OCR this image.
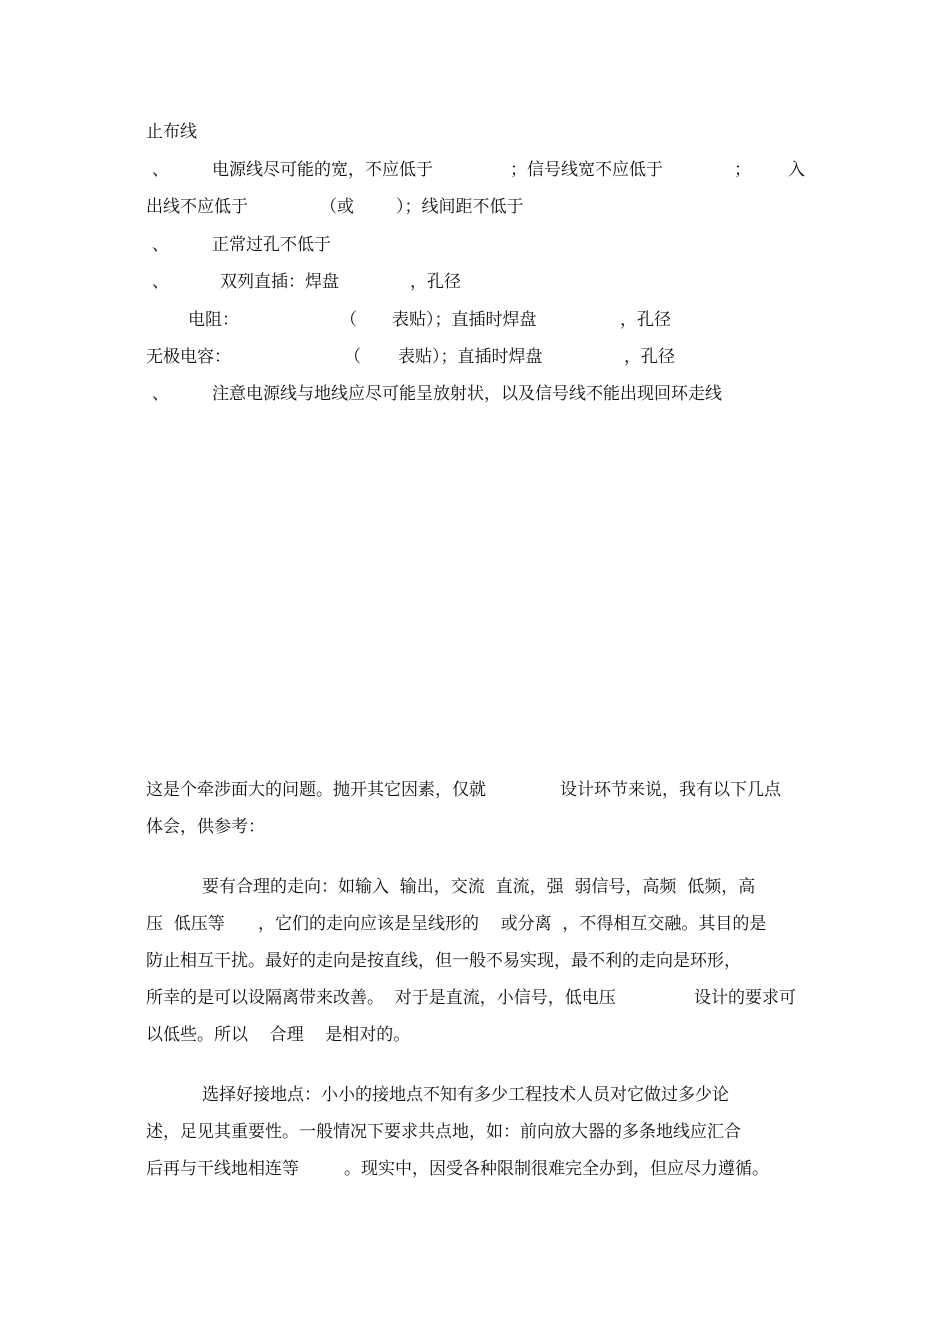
止布线
、	电源线尽可能的宽，不应低于	；信号线宽不应低于	； 入
出线不应低于	（或 ）；线间距不低于
、	正常过孔不低于
、	双列直插：焊盘	，孔径
电阻：	（ 表贴）；直插时焊盘	，孔径
无极电容：	（ 表贴）；直插时焊盘	，孔径
、	注意电源线与地线应尽可能呈放射状，以及信号线不能出现回环走线
这是个牵涉面大的问题。抛开其它因素，仅就	设计环节来说，我有以下几点
体会，供参考：
要有合理的走向：如输入  输出，交流  直流，强  弱信号，高频  低频，高
压  低压等 ，它们的走向应该是呈线形的    或分离  ，不得相互交融。其目的是
防止相互干扰。最好的走向是按直线，但一般不易实现，最不利的走向是环形，
所幸的是可以设隔离带来改善。  对于是直流，小信号，低电压	设计的要求可
以低些。所以    合理    是相对的。
选择好接地点：小小的接地点不知有多少工程技术人员对它做过多少论
述，足见其重要性。一般情况下要求共点地，如：前向放大器的多条地线应汇合
后再与干线地相连等	。现实中，因受各种限制很难完全办到，但应尽力遵循。
